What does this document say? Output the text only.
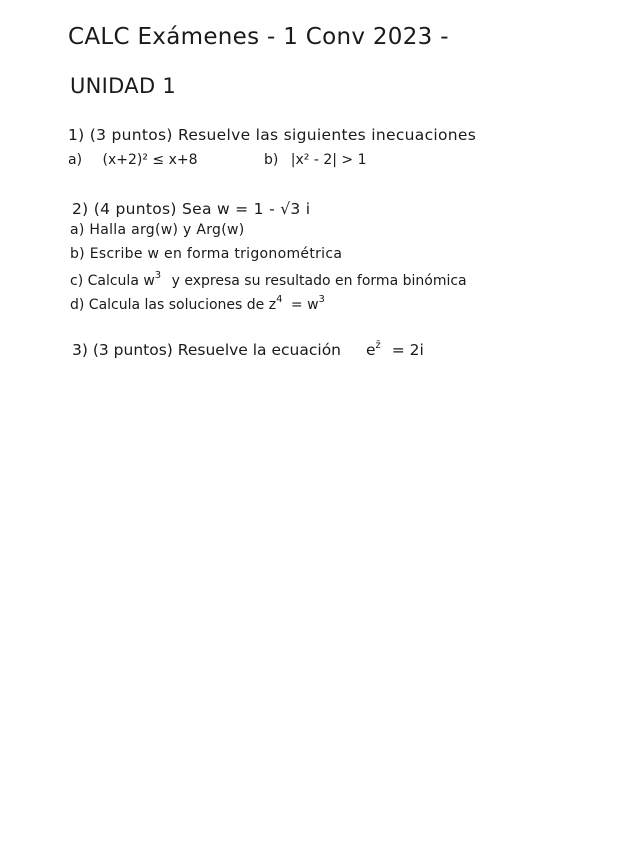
CALC Exámenes - 1 Conv 2023 -
UNIDAD 1
1) (3 puntos) Resuelve las siguientes inecuaciones
a) (x+2)² ≤ x+8	b) |x² - 2| > 1
2) (4 puntos) Sea w = 1 - √3 i
a) Halla arg(w) y Arg(w)
b) Escribe w en forma trigonométrica
c) Calcula $w^3$ y expresa su resultado en forma binómica
d) Calcula las soluciones de $z^4 = w^3$
3) (3 puntos) Resuelve la ecuación $e^{z̄} = 2i$
